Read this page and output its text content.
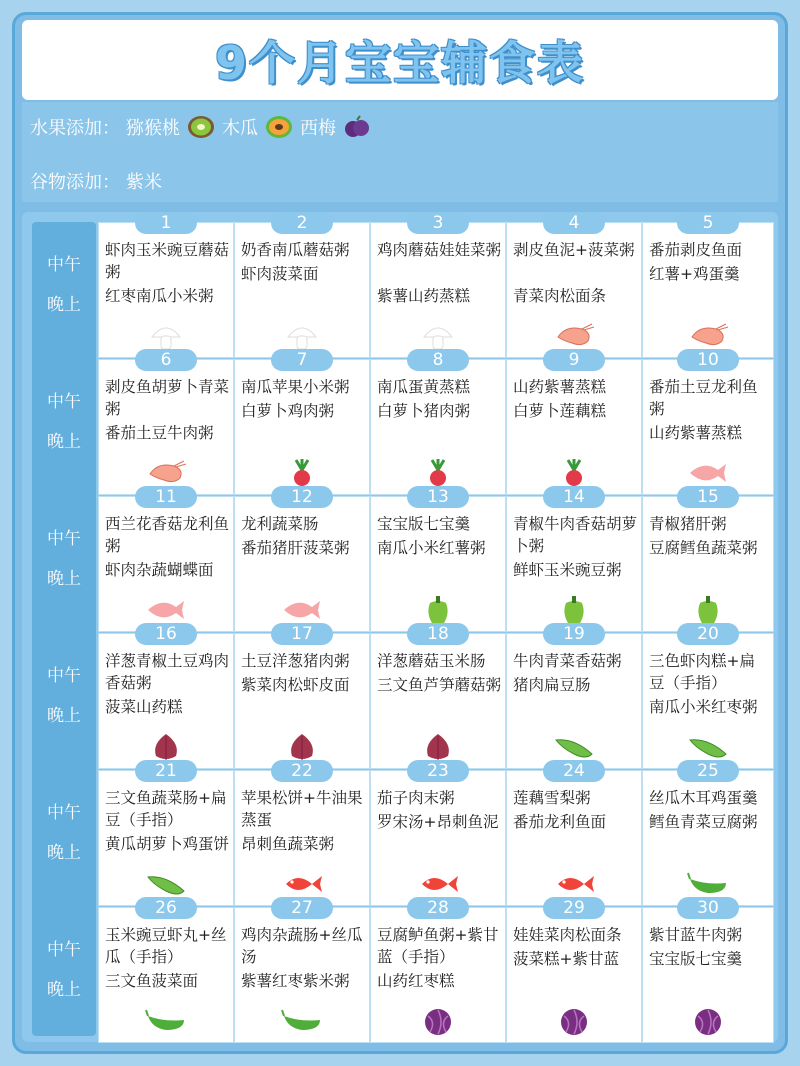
9个月宝宝辅食表
水果添加： 猕猴桃 木瓜 西梅
谷物添加： 紫米
中午
晚上
中午
晚上
中午
晚上
中午
晚上
中午
晚上
中午
晚上
1
虾肉玉米豌豆蘑菇粥
红枣南瓜小米粥
2
奶香南瓜蘑菇粥
虾肉菠菜面
3
鸡肉蘑菇娃娃菜粥
紫薯山药蒸糕
4
剥皮鱼泥+菠菜粥
青菜肉松面条
5
番茄剥皮鱼面
红薯+鸡蛋羹
6
剥皮鱼胡萝卜青菜粥
番茄土豆牛肉粥
7
南瓜苹果小米粥
白萝卜鸡肉粥
8
南瓜蛋黄蒸糕
白萝卜猪肉粥
9
山药紫薯蒸糕
白萝卜莲藕糕
10
番茄土豆龙利鱼粥
山药紫薯蒸糕
11
西兰花香菇龙利鱼粥
虾肉杂蔬蝴蝶面
12
龙利蔬菜肠
番茄猪肝菠菜粥
13
宝宝版七宝羹
南瓜小米红薯粥
14
青椒牛肉香菇胡萝卜粥
鲜虾玉米豌豆粥
15
青椒猪肝粥
豆腐鳕鱼蔬菜粥
16
洋葱青椒土豆鸡肉香菇粥
菠菜山药糕
17
土豆洋葱猪肉粥
紫菜肉松虾皮面
18
洋葱蘑菇玉米肠
三文鱼芦笋蘑菇粥
19
牛肉青菜香菇粥
猪肉扁豆肠
20
三色虾肉糕+扁豆（手指）
南瓜小米红枣粥
21
三文鱼蔬菜肠+扁豆（手指）
黄瓜胡萝卜鸡蛋饼
22
苹果松饼+牛油果蒸蛋
昂刺鱼蔬菜粥
23
茄子肉末粥
罗宋汤+昂刺鱼泥
24
莲藕雪梨粥
番茄龙利鱼面
25
丝瓜木耳鸡蛋羹
鳕鱼青菜豆腐粥
26
玉米豌豆虾丸+丝瓜（手指）
三文鱼菠菜面
27
鸡肉杂蔬肠+丝瓜汤
紫薯红枣紫米粥
28
豆腐鲈鱼粥+紫甘蓝（手指）
山药红枣糕
29
娃娃菜肉松面条
菠菜糕+紫甘蓝
30
紫甘蓝牛肉粥
宝宝版七宝羹
